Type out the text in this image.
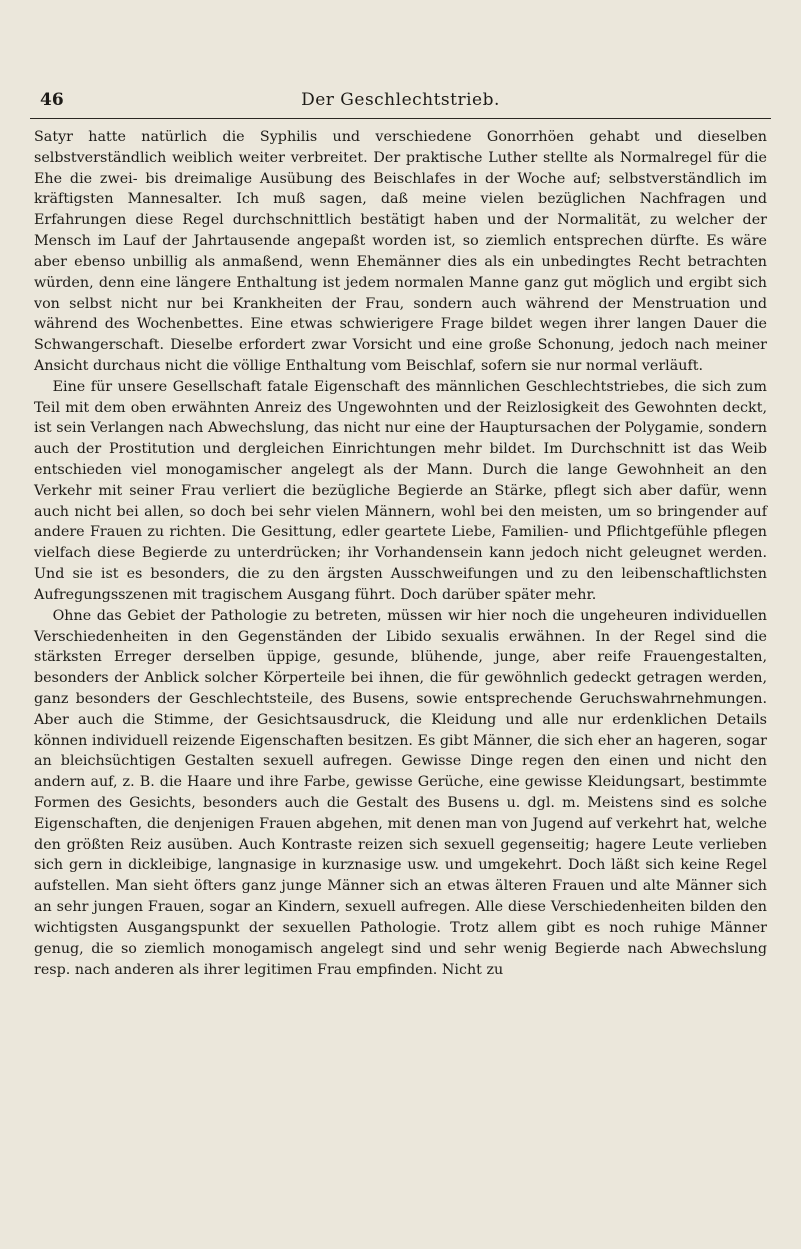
46	Der Geschlechtstrieb.

Satyr hatte natürlich die Syphilis und verschiedene Gonorrhöen gehabt und dieselben selbstverständlich weiblich weiter verbreitet. Der praktische Luther stellte als Normalregel für die Ehe die zwei- bis dreimalige Ausübung des Beischlafes in der Woche auf; selbstverständlich im kräftigsten Mannesalter. Ich muß sagen, daß meine vielen bezüglichen Nachfragen und Erfahrungen diese Regel durchschnittlich bestätigt haben und der Normalität, zu welcher der Mensch im Lauf der Jahrtausende angepaßt worden ist, so ziemlich entsprechen dürfte. Es wäre aber ebenso unbillig als anmaßend, wenn Ehemänner dies als ein unbedingtes Recht betrachten würden, denn eine längere Enthaltung ist jedem normalen Manne ganz gut möglich und ergibt sich von selbst nicht nur bei Krankheiten der Frau, sondern auch während der Menstruation und während des Wochenbettes. Eine etwas schwierigere Frage bildet wegen ihrer langen Dauer die Schwangerschaft. Dieselbe erfordert zwar Vorsicht und eine große Schonung, jedoch nach meiner Ansicht durchaus nicht die völlige Enthaltung vom Beischlaf, sofern sie nur normal verläuft.

Eine für unsere Gesellschaft fatale Eigenschaft des männlichen Geschlechtstriebes, die sich zum Teil mit dem oben erwähnten Anreiz des Ungewohnten und der Reizlosigkeit des Gewohnten deckt, ist sein Verlangen nach Abwechslung, das nicht nur eine der Hauptursachen der Polygamie, sondern auch der Prostitution und dergleichen Einrichtungen mehr bildet. Im Durchschnitt ist das Weib entschieden viel monogamischer angelegt als der Mann. Durch die lange Gewohnheit an den Verkehr mit seiner Frau verliert die bezügliche Begierde an Stärke, pflegt sich aber dafür, wenn auch nicht bei allen, so doch bei sehr vielen Männern, wohl bei den meisten, um so bringender auf andere Frauen zu richten. Die Gesittung, edler geartete Liebe, Familien- und Pflichtgefühle pflegen vielfach diese Begierde zu unterdrücken; ihr Vorhandensein kann jedoch nicht geleugnet werden. Und sie ist es besonders, die zu den ärgsten Ausschweifungen und zu den leibenschaftlichsten Aufregungsszenen mit tragischem Ausgang führt. Doch darüber später mehr.

Ohne das Gebiet der Pathologie zu betreten, müssen wir hier noch die ungeheuren individuellen Verschiedenheiten in den Gegenständen der Libido sexualis erwähnen. In der Regel sind die stärksten Erreger derselben üppige, gesunde, blühende, junge, aber reife Frauengestalten, besonders der Anblick solcher Körperteile bei ihnen, die für gewöhnlich gedeckt getragen werden, ganz besonders der Geschlechtsteile, des Busens, sowie entsprechende Geruchswahrnehmungen. Aber auch die Stimme, der Gesichtsausdruck, die Kleidung und alle nur erdenklichen Details können individuell reizende Eigenschaften besitzen. Es gibt Männer, die sich eher an hageren, sogar an bleichsüchtigen Gestalten sexuell aufregen. Gewisse Dinge regen den einen und nicht den andern auf, z. B. die Haare und ihre Farbe, gewisse Gerüche, eine gewisse Kleidungsart, bestimmte Formen des Gesichts, besonders auch die Gestalt des Busens u. dgl. m. Meistens sind es solche Eigenschaften, die denjenigen Frauen abgehen, mit denen man von Jugend auf verkehrt hat, welche den größten Reiz ausüben. Auch Kontraste reizen sich sexuell gegenseitig; hagere Leute verlieben sich gern in dickleibige, langnasige in kurznasige usw. und umgekehrt. Doch läßt sich keine Regel aufstellen. Man sieht öfters ganz junge Männer sich an etwas älteren Frauen und alte Männer sich an sehr jungen Frauen, sogar an Kindern, sexuell aufregen. Alle diese Verschiedenheiten bilden den wichtigsten Ausgangspunkt der sexuellen Pathologie. Trotz allem gibt es noch ruhige Männer genug, die so ziemlich monogamisch angelegt sind und sehr wenig Begierde nach Abwechslung resp. nach anderen als ihrer legitimen Frau empfinden. Nicht zu
